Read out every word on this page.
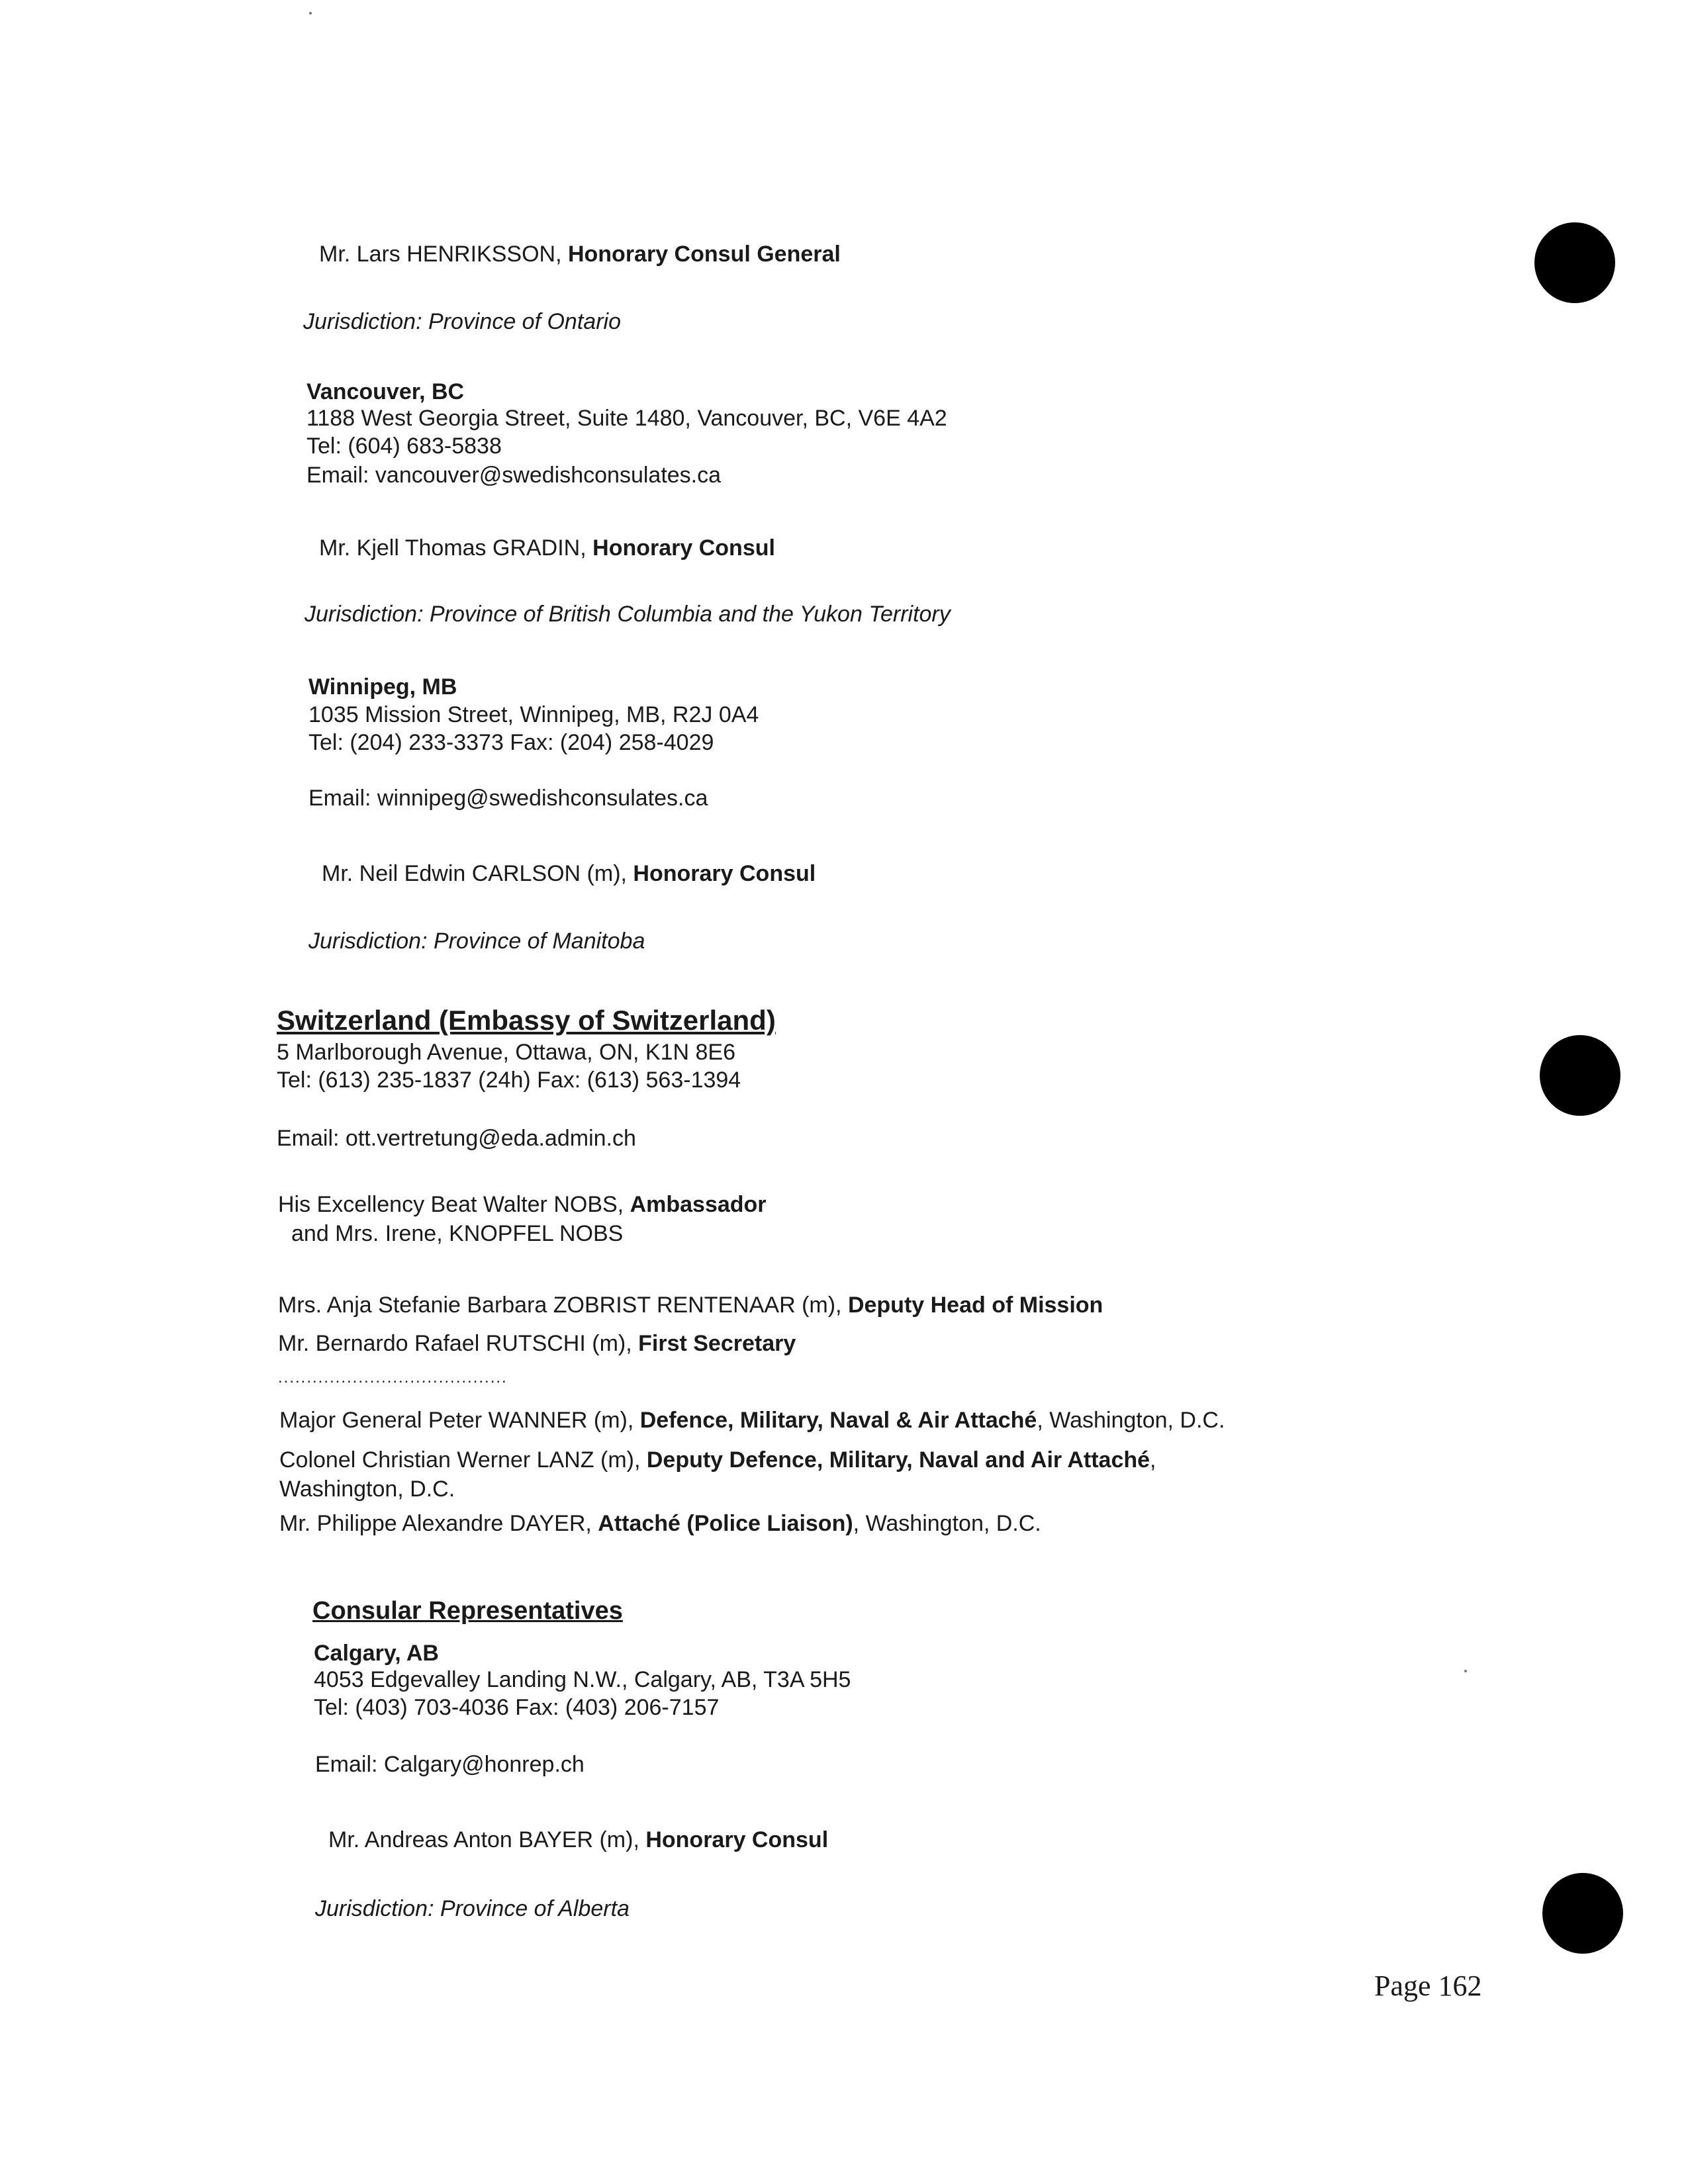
Mr. Lars HENRIKSSON, Honorary Consul General
Jurisdiction: Province of Ontario
Vancouver, BC
1188 West Georgia Street, Suite 1480, Vancouver, BC, V6E 4A2
Tel: (604) 683-5838
Email: vancouver@swedishconsulates.ca
Mr. Kjell Thomas GRADIN, Honorary Consul
Jurisdiction: Province of British Columbia and the Yukon Territory
Winnipeg, MB
1035 Mission Street, Winnipeg, MB, R2J 0A4
Tel: (204) 233-3373 Fax: (204) 258-4029
Email: winnipeg@swedishconsulates.ca
Mr. Neil Edwin CARLSON (m), Honorary Consul
Jurisdiction: Province of Manitoba
Switzerland (Embassy of Switzerland)
5 Marlborough Avenue, Ottawa, ON, K1N 8E6
Tel: (613) 235-1837 (24h) Fax: (613) 563-1394
Email: ott.vertretung@eda.admin.ch
His Excellency Beat Walter NOBS, Ambassador
and Mrs. Irene, KNOPFEL NOBS
Mrs. Anja Stefanie Barbara ZOBRIST RENTENAAR (m), Deputy Head of Mission
Mr. Bernardo Rafael RUTSCHI (m), First Secretary
........................................
Major General Peter WANNER (m), Defence, Military, Naval & Air Attaché, Washington, D.C.
Colonel Christian Werner LANZ (m), Deputy Defence, Military, Naval and Air Attaché,
Washington, D.C.
Mr. Philippe Alexandre DAYER, Attaché (Police Liaison), Washington, D.C.
Consular Representatives
Calgary, AB
4053 Edgevalley Landing N.W., Calgary, AB, T3A 5H5
Tel: (403) 703-4036 Fax: (403) 206-7157
Email: Calgary@honrep.ch
Mr. Andreas Anton BAYER (m), Honorary Consul
Jurisdiction: Province of Alberta
Page 162
